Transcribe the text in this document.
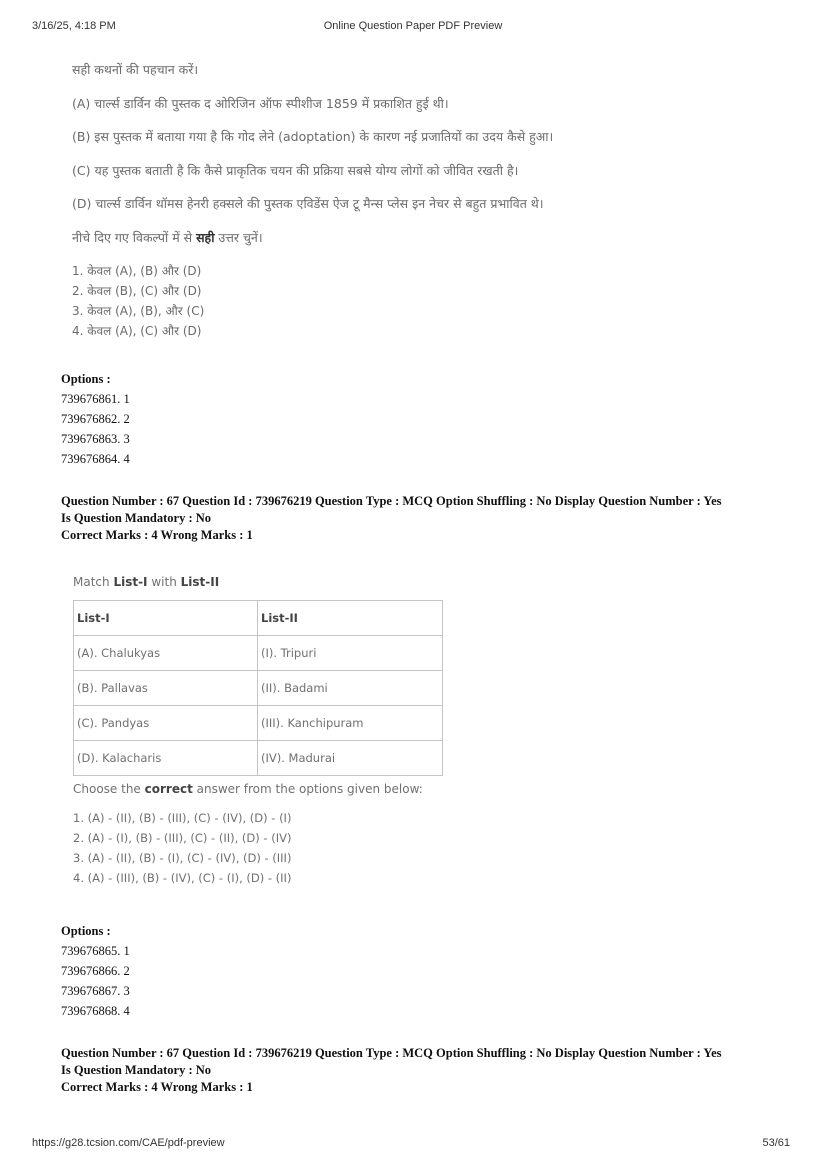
3/16/25, 4:18 PM	Online Question Paper PDF Preview
सही कथनों की पहचान करें।
(A) चार्ल्स डार्विन की पुस्तक द ओरिजिन ऑफ स्पीशीज 1859 में प्रकाशित हुई थी।
(B) इस पुस्तक में बताया गया है कि गोद लेने (adoptation) के कारण नई प्रजातियों का उदय कैसे हुआ।
(C) यह पुस्तक बताती है कि कैसे प्राकृतिक चयन की प्रक्रिया सबसे योग्य लोगों को जीवित रखती है।
(D) चार्ल्स डार्विन थॉमस हेनरी हक्सले की पुस्तक एविडेंस ऐज टू मैन्स प्लेस इन नेचर से बहुत प्रभावित थे।
नीचे दिए गए विकल्पों में से सही उत्तर चुनें।
1. केवल (A), (B) और (D)
2. केवल (B), (C) और (D)
3. केवल (A), (B), और (C)
4. केवल (A), (C) और (D)
Options :
739676861. 1
739676862. 2
739676863. 3
739676864. 4
Question Number : 67 Question Id : 739676219 Question Type : MCQ Option Shuffling : No Display Question Number : Yes
Is Question Mandatory : No
Correct Marks : 4 Wrong Marks : 1
Match List-I with List-II
List-I	List-II
(A). Chalukyas	(I). Tripuri
(B). Pallavas	(II). Badami
(C). Pandyas	(III). Kanchipuram
(D). Kalacharis	(IV). Madurai
Choose the correct answer from the options given below:
1. (A) - (II), (B) - (III), (C) - (IV), (D) - (I)
2. (A) - (I), (B) - (III), (C) - (II), (D) - (IV)
3. (A) - (II), (B) - (I), (C) - (IV), (D) - (III)
4. (A) - (III), (B) - (IV), (C) - (I), (D) - (II)
Options :
739676865. 1
739676866. 2
739676867. 3
739676868. 4
Question Number : 67 Question Id : 739676219 Question Type : MCQ Option Shuffling : No Display Question Number : Yes
Is Question Mandatory : No
Correct Marks : 4 Wrong Marks : 1
https://g28.tcsion.com/CAE/pdf-preview	53/61
